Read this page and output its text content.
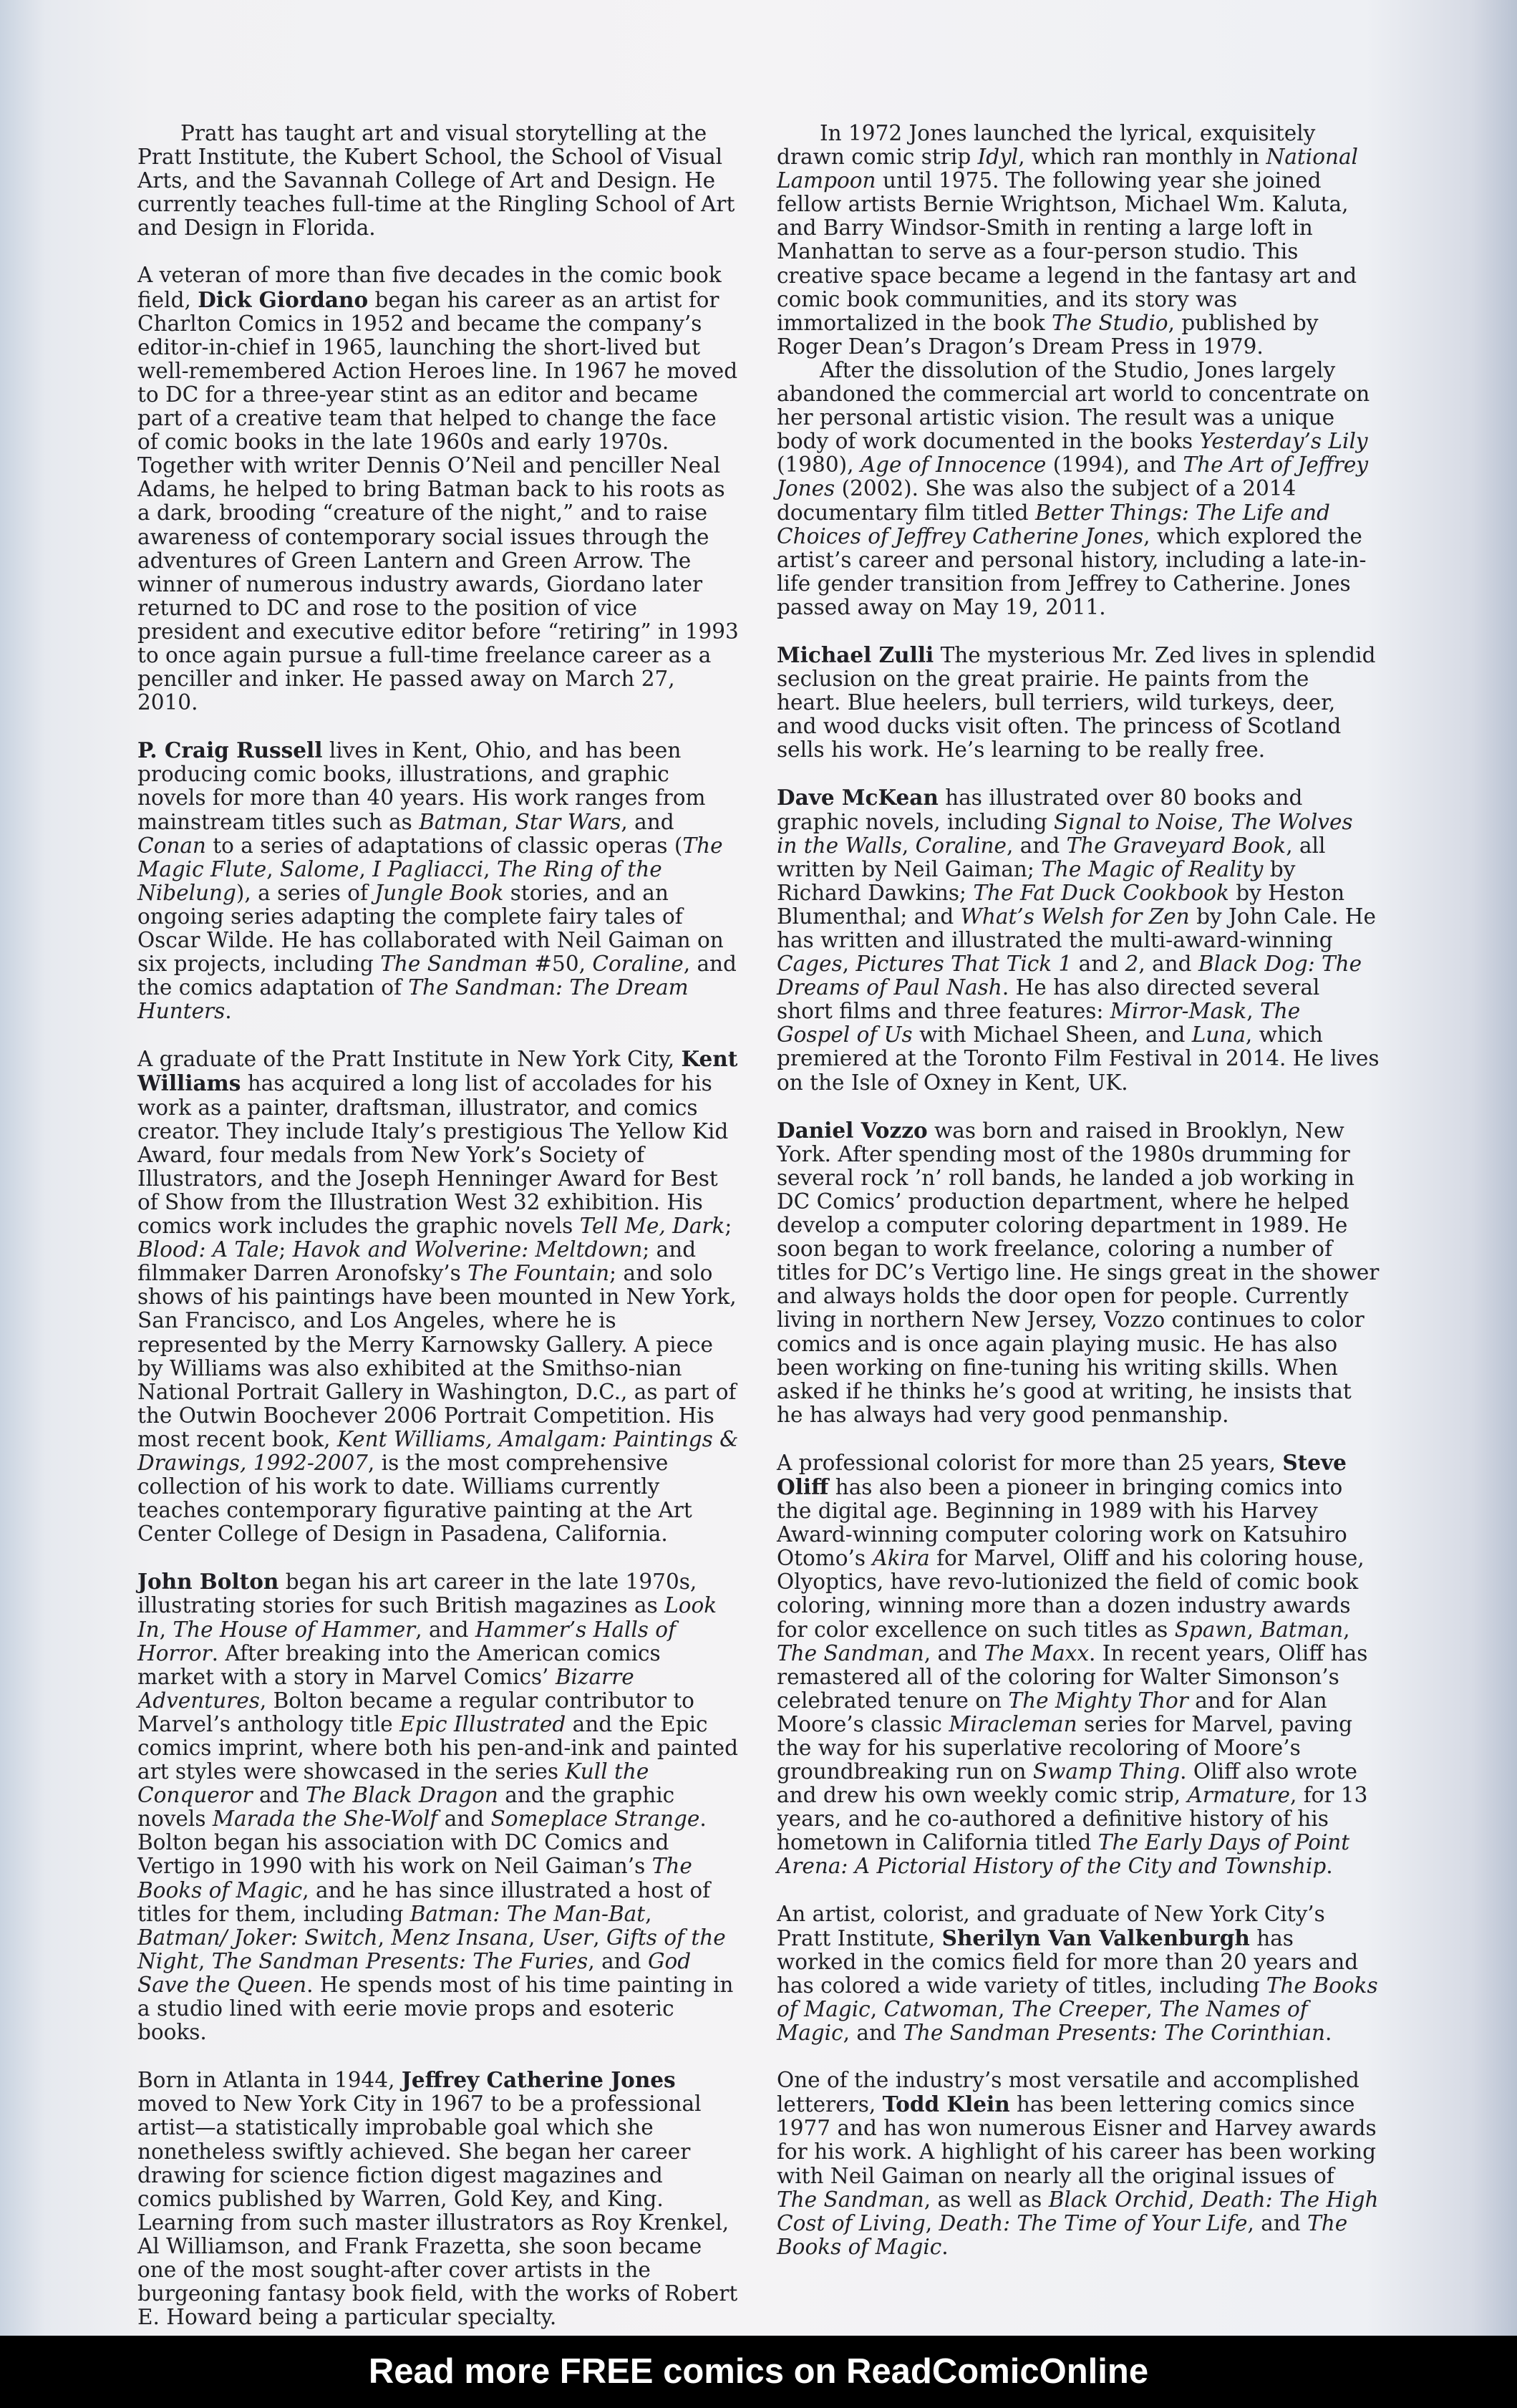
Pratt has taught art and visual storytelling at the Pratt Institute, the Kubert School, the School of Visual Arts, and the Savannah College of Art and Design. He currently teaches full-time at the Ringling School of Art and Design in Florida.

A veteran of more than five decades in the comic book field, Dick Giordano began his career as an artist for Charlton Comics in 1952 and became the company’s editor-in-chief in 1965, launching the short-lived but well-remembered Action Heroes line. In 1967 he moved to DC for a three-year stint as an editor and became part of a creative team that helped to change the face of comic books in the late 1960s and early 1970s. Together with writer Dennis O’Neil and penciller Neal Adams, he helped to bring Batman back to his roots as a dark, brooding “creature of the night,” and to raise awareness of contemporary social issues through the adventures of Green Lantern and Green Arrow. The winner of numerous industry awards, Giordano later returned to DC and rose to the position of vice president and executive editor before “retiring” in 1993 to once again pursue a full-time freelance career as a penciller and inker. He passed away on March 27, 2010.

P. Craig Russell lives in Kent, Ohio, and has been producing comic books, illustrations, and graphic novels for more than 40 years. His work ranges from mainstream titles such as Batman, Star Wars, and Conan to a series of adaptations of classic operas (The Magic Flute, Salome, I Pagliacci, The Ring of the Nibelung), a series of Jungle Book stories, and an ongoing series adapting the complete fairy tales of Oscar Wilde. He has collaborated with Neil Gaiman on six projects, including The Sandman #50, Coraline, and the comics adaptation of The Sandman: The Dream Hunters.

A graduate of the Pratt Institute in New York City, Kent Williams has acquired a long list of accolades for his work as a painter, draftsman, illustrator, and comics creator. They include Italy’s prestigious The Yellow Kid Award, four medals from New York’s Society of Illustrators, and the Joseph Henninger Award for Best of Show from the Illustration West 32 exhibition. His comics work includes the graphic novels Tell Me, Dark; Blood: A Tale; Havok and Wolverine: Meltdown; and filmmaker Darren Aronofsky’s The Fountain; and solo shows of his paintings have been mounted in New York, San Francisco, and Los Angeles, where he is represented by the Merry Karnowsky Gallery. A piece by Williams was also exhibited at the Smithso-nian National Portrait Gallery in Washington, D.C., as part of the Outwin Boochever 2006 Portrait Competition. His most recent book, Kent Williams, Amalgam: Paintings & Drawings, 1992-2007, is the most comprehensive collection of his work to date. Williams currently teaches contemporary figurative painting at the Art Center College of Design in Pasadena, California.

John Bolton began his art career in the late 1970s, illustrating stories for such British magazines as Look In, The House of Hammer, and Hammer’s Halls of Horror. After breaking into the American comics market with a story in Marvel Comics’ Bizarre Adventures, Bolton became a regular contributor to Marvel’s anthology title Epic Illustrated and the Epic comics imprint, where both his pen-and-ink and painted art styles were showcased in the series Kull the Conqueror and The Black Dragon and the graphic novels Marada the She-Wolf and Someplace Strange. Bolton began his association with DC Comics and Vertigo in 1990 with his work on Neil Gaiman’s The Books of Magic, and he has since illustrated a host of titles for them, including Batman: The Man-Bat, Batman/ Joker: Switch, Menz Insana, User, Gifts of the Night, The Sandman Presents: The Furies, and God Save the Queen. He spends most of his time painting in a studio lined with eerie movie props and esoteric books.

Born in Atlanta in 1944, Jeffrey Catherine Jones moved to New York City in 1967 to be a professional artist—a statistically improbable goal which she nonetheless swiftly achieved. She began her career drawing for science fiction digest magazines and comics published by Warren, Gold Key, and King. Learning from such master illustrators as Roy Krenkel, Al Williamson, and Frank Frazetta, she soon became one of the most sought-after cover artists in the burgeoning fantasy book field, with the works of Robert E. Howard being a particular specialty.

In 1972 Jones launched the lyrical, exquisitely drawn comic strip Idyl, which ran monthly in National Lampoon until 1975. The following year she joined fellow artists Bernie Wrightson, Michael Wm. Kaluta, and Barry Windsor-Smith in renting a large loft in Manhattan to serve as a four-person studio. This creative space became a legend in the fantasy art and comic book communities, and its story was immortalized in the book The Studio, published by Roger Dean’s Dragon’s Dream Press in 1979.

After the dissolution of the Studio, Jones largely abandoned the commercial art world to concentrate on her personal artistic vision. The result was a unique body of work documented in the books Yesterday’s Lily (1980), Age of Innocence (1994), and The Art of Jeffrey Jones (2002). She was also the subject of a 2014 documentary film titled Better Things: The Life and Choices of Jeffrey Catherine Jones, which explored the artist’s career and personal history, including a late-in-life gender transition from Jeffrey to Catherine. Jones passed away on May 19, 2011.

Michael Zulli The mysterious Mr. Zed lives in splendid seclusion on the great prairie. He paints from the heart. Blue heelers, bull terriers, wild turkeys, deer, and wood ducks visit often. The princess of Scotland sells his work. He’s learning to be really free.

Dave McKean has illustrated over 80 books and graphic novels, including Signal to Noise, The Wolves in the Walls, Coraline, and The Graveyard Book, all written by Neil Gaiman; The Magic of Reality by Richard Dawkins; The Fat Duck Cookbook by Heston Blumenthal; and What’s Welsh for Zen by John Cale. He has written and illustrated the multi-award-winning Cages, Pictures That Tick 1 and 2, and Black Dog: The Dreams of Paul Nash. He has also directed several short films and three features: Mirror-Mask, The Gospel of Us with Michael Sheen, and Luna, which premiered at the Toronto Film Festival in 2014. He lives on the Isle of Oxney in Kent, UK.

Daniel Vozzo was born and raised in Brooklyn, New York. After spending most of the 1980s drumming for several rock ’n’ roll bands, he landed a job working in DC Comics’ production department, where he helped develop a computer coloring department in 1989. He soon began to work freelance, coloring a number of titles for DC’s Vertigo line. He sings great in the shower and always holds the door open for people. Currently living in northern New Jersey, Vozzo continues to color comics and is once again playing music. He has also been working on fine-tuning his writing skills. When asked if he thinks he’s good at writing, he insists that he has always had very good penmanship.

A professional colorist for more than 25 years, Steve Oliff has also been a pioneer in bringing comics into the digital age. Beginning in 1989 with his Harvey Award-winning computer coloring work on Katsuhiro Otomo’s Akira for Marvel, Oliff and his coloring house, Olyoptics, have revo-lutionized the field of comic book coloring, winning more than a dozen industry awards for color excellence on such titles as Spawn, Batman, The Sandman, and The Maxx. In recent years, Oliff has remastered all of the coloring for Walter Simonson’s celebrated tenure on The Mighty Thor and for Alan Moore’s classic Miracleman series for Marvel, paving the way for his superlative recoloring of Moore’s groundbreaking run on Swamp Thing. Oliff also wrote and drew his own weekly comic strip, Armature, for 13 years, and he co-authored a definitive history of his hometown in California titled The Early Days of Point Arena: A Pictorial History of the City and Township.

An artist, colorist, and graduate of New York City’s Pratt Institute, Sherilyn Van Valkenburgh has worked in the comics field for more than 20 years and has colored a wide variety of titles, including The Books of Magic, Catwoman, The Creeper, The Names of Magic, and The Sandman Presents: The Corinthian.

One of the industry’s most versatile and accomplished letterers, Todd Klein has been lettering comics since 1977 and has won numerous Eisner and Harvey awards for his work. A highlight of his career has been working with Neil Gaiman on nearly all the original issues of The Sandman, as well as Black Orchid, Death: The High Cost of Living, Death: The Time of Your Life, and The Books of Magic.

Read more FREE comics on ReadComicOnline
